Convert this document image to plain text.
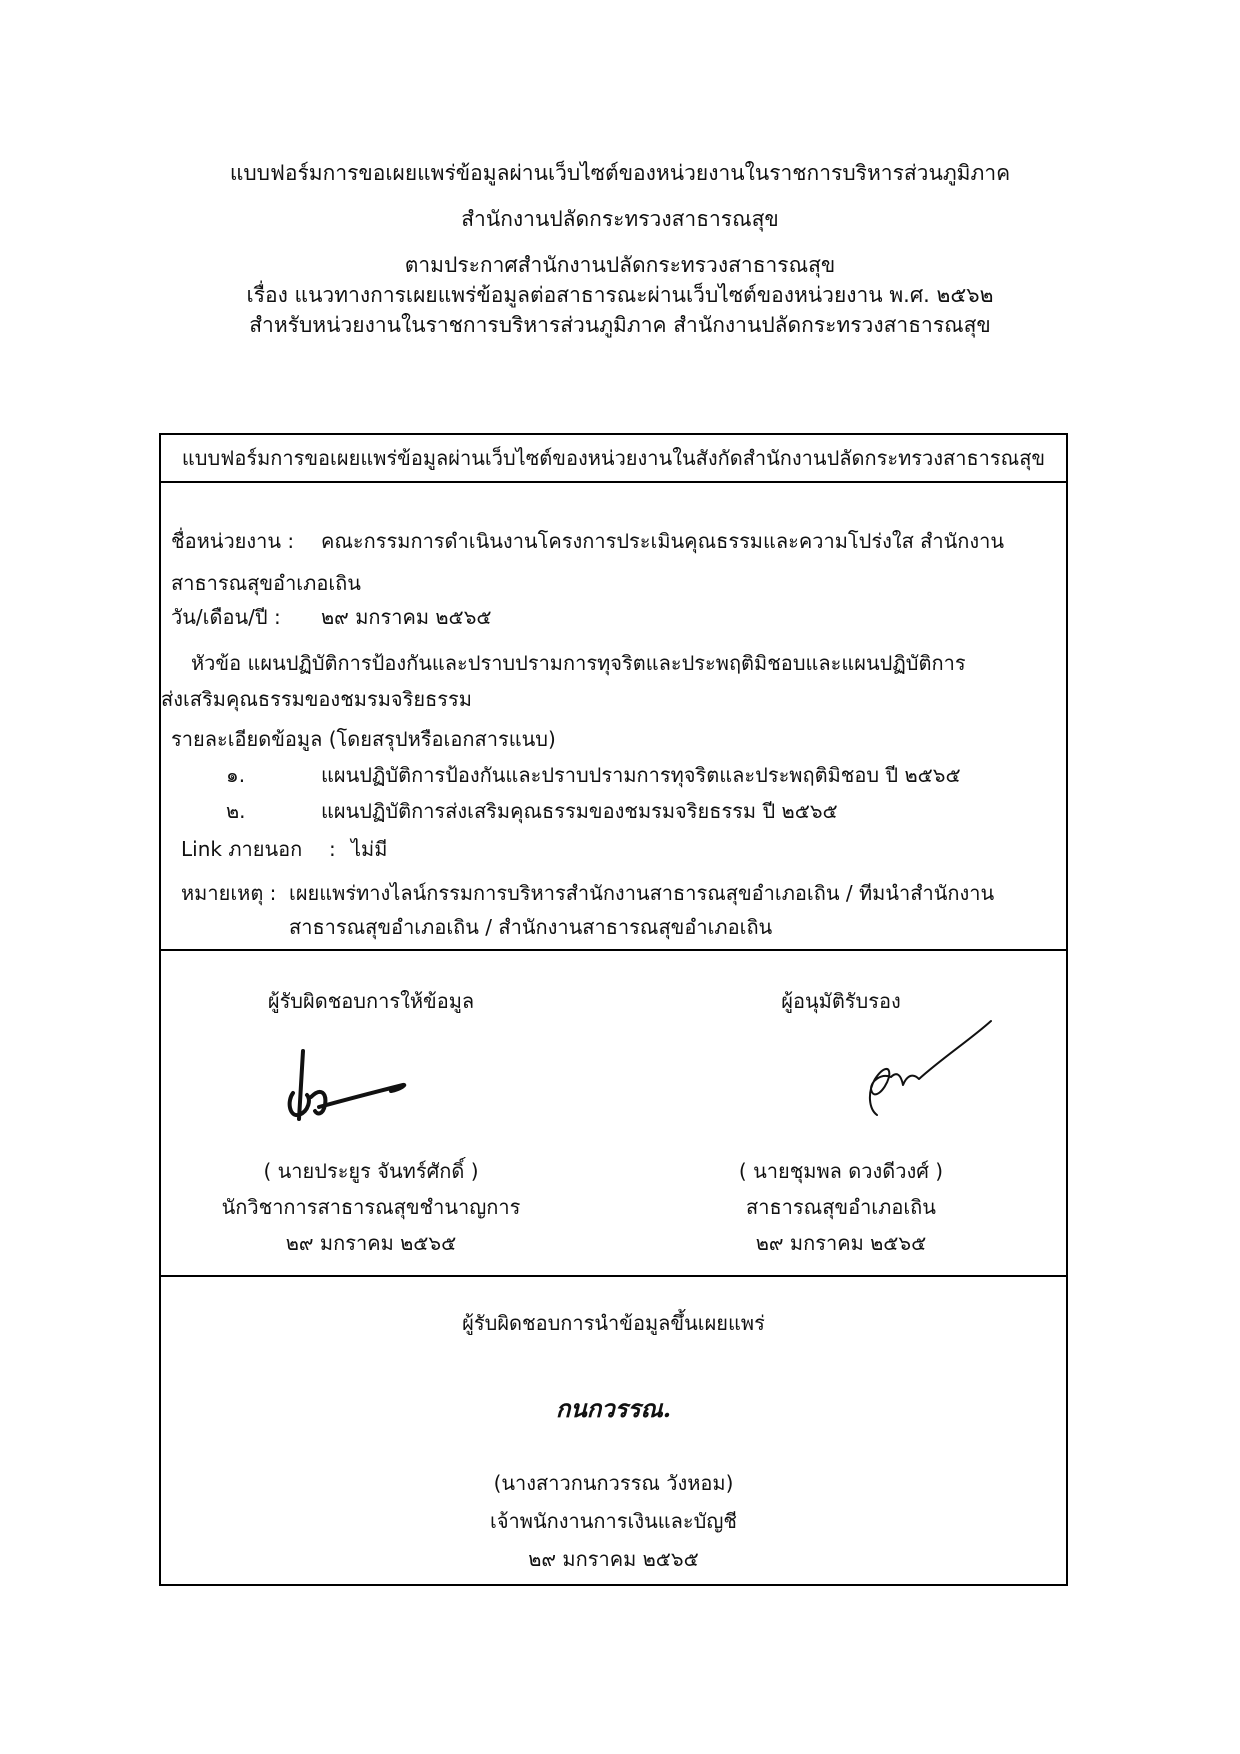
แบบฟอร์มการขอเผยแพร่ข้อมูลผ่านเว็บไซต์ของหน่วยงานในราชการบริหารส่วนภูมิภาค
สำนักงานปลัดกระทรวงสาธารณสุข
ตามประกาศสำนักงานปลัดกระทรวงสาธารณสุข
เรื่อง แนวทางการเผยแพร่ข้อมูลต่อสาธารณะผ่านเว็บไซต์ของหน่วยงาน พ.ศ. ๒๕๖๒
สำหรับหน่วยงานในราชการบริหารส่วนภูมิภาค สำนักงานปลัดกระทรวงสาธารณสุข
แบบฟอร์มการขอเผยแพร่ข้อมูลผ่านเว็บไซต์ของหน่วยงานในสังกัดสำนักงานปลัดกระทรวงสาธารณสุข
ชื่อหน่วยงาน : คณะกรรมการดำเนินงานโครงการประเมินคุณธรรมและความโปร่งใส สำนักงาน
สาธารณสุขอำเภอเถิน
วัน/เดือน/ปี : ๒๙ มกราคม ๒๕๖๕
หัวข้อ แผนปฏิบัติการป้องกันและปราบปรามการทุจริตและประพฤติมิชอบและแผนปฏิบัติการ
ส่งเสริมคุณธรรมของชมรมจริยธรรม
รายละเอียดข้อมูล (โดยสรุปหรือเอกสารแนบ)
๑.	แผนปฏิบัติการป้องกันและปราบปรามการทุจริตและประพฤติมิชอบ ปี ๒๕๖๕
๒.	แผนปฏิบัติการส่งเสริมคุณธรรมของชมรมจริยธรรม ปี ๒๕๖๕
Link ภายนอก : ไม่มี
หมายเหตุ : เผยแพร่ทางไลน์กรรมการบริหารสำนักงานสาธารณสุขอำเภอเถิน / ทีมนำสำนักงาน
สาธารณสุขอำเภอเถิน / สำนักงานสาธารณสุขอำเภอเถิน
ผู้รับผิดชอบการให้ข้อมูล
( นายประยูร จันทร์ศักดิ์ )
นักวิชาการสาธารณสุขชำนาญการ
๒๙ มกราคม ๒๕๖๕
ผู้อนุมัติรับรอง
( นายชุมพล ดวงดีวงศ์ )
สาธารณสุขอำเภอเถิน
๒๙ มกราคม ๒๕๖๕
ผู้รับผิดชอบการนำข้อมูลขึ้นเผยแพร่
กนกวรรณ.
(นางสาวกนกวรรณ วังหอม)
เจ้าพนักงานการเงินและบัญชี
๒๙ มกราคม ๒๕๖๕
